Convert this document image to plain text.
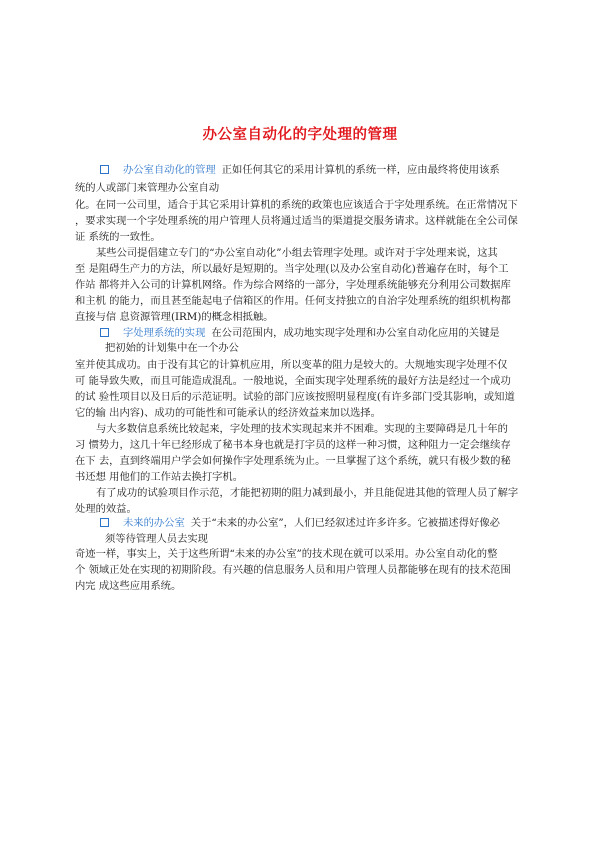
办公室自动化的字处理的管理
办公室自动化的管理 正如任何其它的采用计算机的系统一样，应由最终将使用该系
统的人或部门来管理办公室自动
化。在同一公司里，适合于其它采用计算机的系统的政策也应该适合于字处理系统。在正常情况下
，要求实现一个字处理系统的用户管理人员将通过适当的渠道提交服务请求。这样就能在全公司保
证 系统的一致性。
某些公司提倡建立专门的“办公室自动化”小组去管理字处理。或许对于字处理来说，这其
至 是阻碍生产力的方法，所以最好是短期的。当字处理(以及办公室自动化)普遍存在时，每个工
作站 都将并入公司的计算机网络。作为综合网络的一部分，字处理系统能够充分利用公司数据库
和主机 的能力，而且甚至能起电子信箱区的作用。任何支持独立的自治字处理系统的组织机构都
直接与信 息资源管理(IRM)的概念相抵触。
字处理系统的实现 在公司范围内，成功地实现字处理和办公室自动化应用的关键是
把初始的计划集中在一个办公
室并使其成功。由于没有其它的计算机应用，所以变革的阻力是较大的。大规地实现字处理不仅
可 能导致失败，而且可能造成混乱。一般地说，全面实现字处理系统的最好方法是经过一个成功
的试 验性项目以及日后的示范证明。试验的部门应该按照明显程度(有许多部门受其影响，或知道
它的输 出内容)、成功的可能性和可能承认的经济效益来加以选择。
与大多数信息系统比较起来，字处理的技术实现起来并不困难。实现的主要障碍是几十年的
习 惯势力，这几十年已经形成了秘书本身也就是打字员的这样一种习惯，这种阻力一定会继续存
在下 去，直到终端用户学会如何操作字处理系统为止。一旦掌握了这个系统，就只有极少数的秘
书还想 用他们的工作站去换打字机。
有了成功的试验项目作示范，才能把初期的阻力减到最小，并且能促进其他的管理人员了解字
处理的效益。
未来的办公室 关于“未来的办公室”，人们已经叙述过许多许多。它被描述得好像必
须等待管理人员去实现
奇迹一样，事实上，关于这些所谓“未来的办公室”的技术现在就可以采用。办公室自动化的整
个 领域正处在实现的初期阶段。有兴趣的信息服务人员和用户管理人员都能够在现有的技术范围
内完 成这些应用系统。
